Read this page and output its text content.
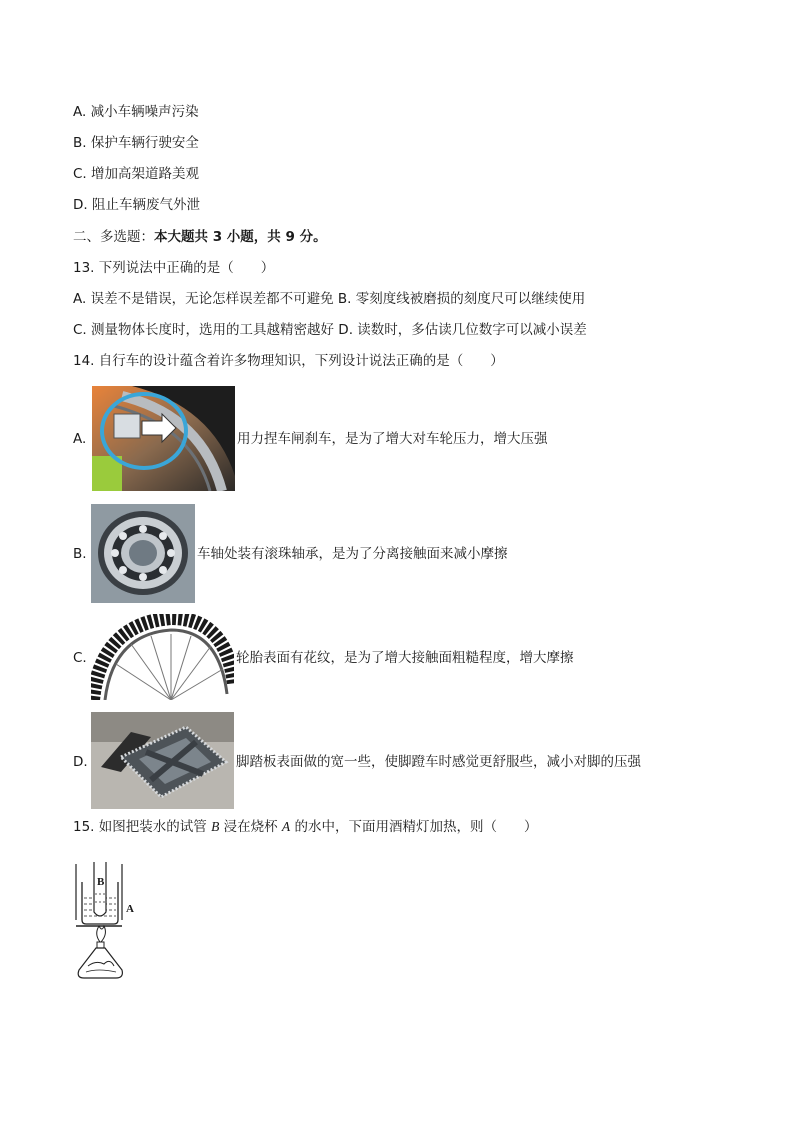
A. 减小车辆噪声污染
B. 保护车辆行驶安全
C. 增加高架道路美观
D. 阻止车辆废气外泄
二、多选题：本大题共 3 小题，共 9 分。
13. 下列说法中正确的是（　　）
A. 误差不是错误，无论怎样误差都不可避免 B. 零刻度线被磨损的刻度尺可以继续使用
C. 测量物体长度时，选用的工具越精密越好 D. 读数时，多估读几位数字可以减小误差
14. 自行车的设计蕴含着许多物理知识，下列设计说法正确的是（　　）
A.	用力捏车闸刹车，是为了增大对车轮压力，增大压强
B.	车轴处装有滚珠轴承，是为了分离接触面来减小摩擦
C.	轮胎表面有花纹，是为了增大接触面粗糙程度，增大摩擦
D.	脚踏板表面做的宽一些，使脚蹬车时感觉更舒服些，减小对脚的压强
15. 如图把装水的试管 B 浸在烧杯 A 的水中，下面用酒精灯加热，则（　　）
B
A
